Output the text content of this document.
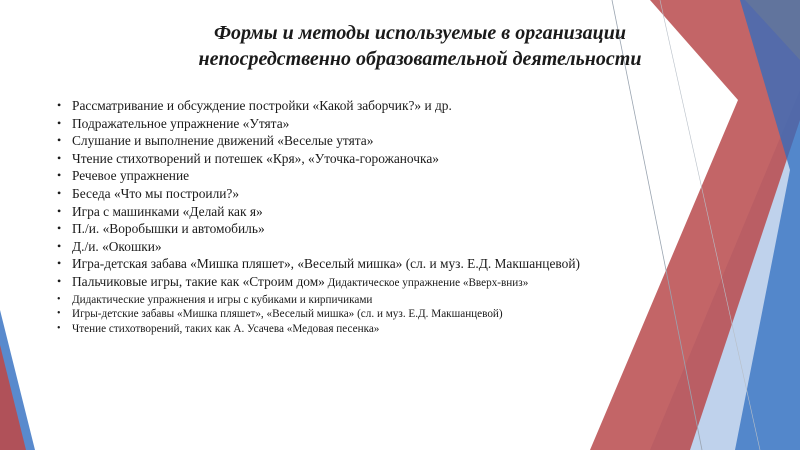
Формы и методы используемые в организации
непосредственно образовательной деятельности
• Рассматривание и обсуждение постройки «Какой заборчик?» и др.
• Подражательное упражнение «Утята»
• Слушание и выполнение движений «Веселые утята»
• Чтение стихотворений и потешек «Кря», «Уточка-горожаночка»
• Речевое упражнение
• Беседа «Что мы построили?»
• Игра с машинками «Делай как я»
• П./и. «Воробышки и автомобиль»
• Д./и. «Окошки»
• Игра-детская забава «Мишка пляшет», «Веселый мишка» (сл. и муз. Е.Д. Макшанцевой)
• Пальчиковые игры, такие как «Строим дом» Дидактическое упражнение «Вверх-вниз»
• Дидактические упражнения и игры с кубиками и кирпичиками
• Игры-детские забавы «Мишка пляшет», «Веселый мишка» (сл. и муз. Е.Д. Макшанцевой)
• Чтение стихотворений, таких как А. Усачева «Медовая песенка»
